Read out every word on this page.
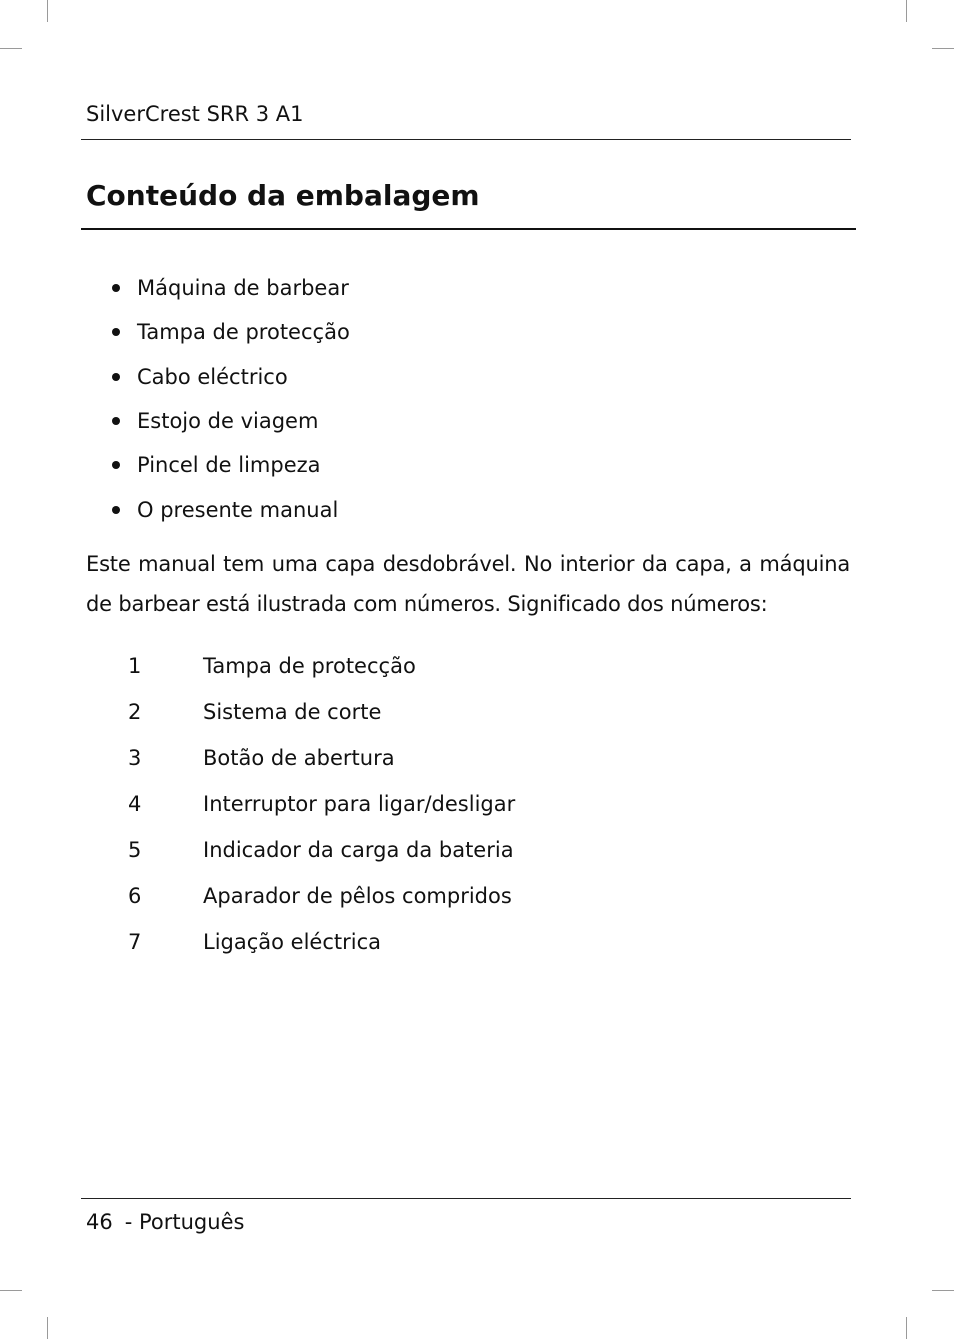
SilverCrest SRR 3 A1
Conteúdo da embalagem
Máquina de barbear
Tampa de protecção
Cabo eléctrico
Estojo de viagem
Pincel de limpeza
O presente manual

Este manual tem uma capa desdobrável. No interior da capa, a máquina de barbear está ilustrada com números. Significado dos números:

1	Tampa de protecção
2	Sistema de corte
3	Botão de abertura
4	Interruptor para ligar/desligar
5	Indicador da carga da bateria
6	Aparador de pêlos compridos
7	Ligação eléctrica
46 - Português
